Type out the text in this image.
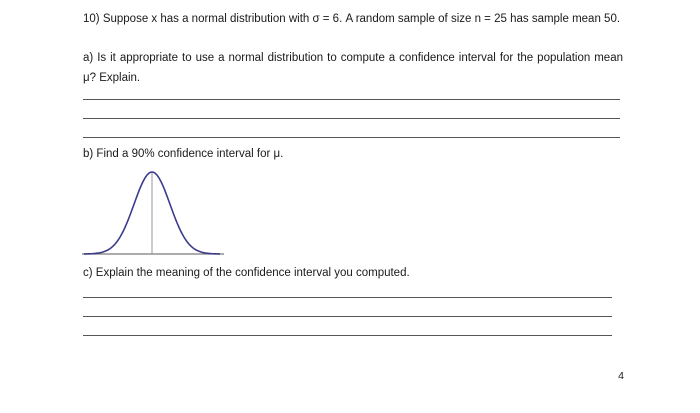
10) Suppose x has a normal distribution with σ = 6. A random sample of size n = 25 has sample mean 50.

a) Is it appropriate to use a normal distribution to compute a confidence interval for the population mean μ? Explain.

b) Find a 90% confidence interval for μ.

c) Explain the meaning of the confidence interval you computed.

4
